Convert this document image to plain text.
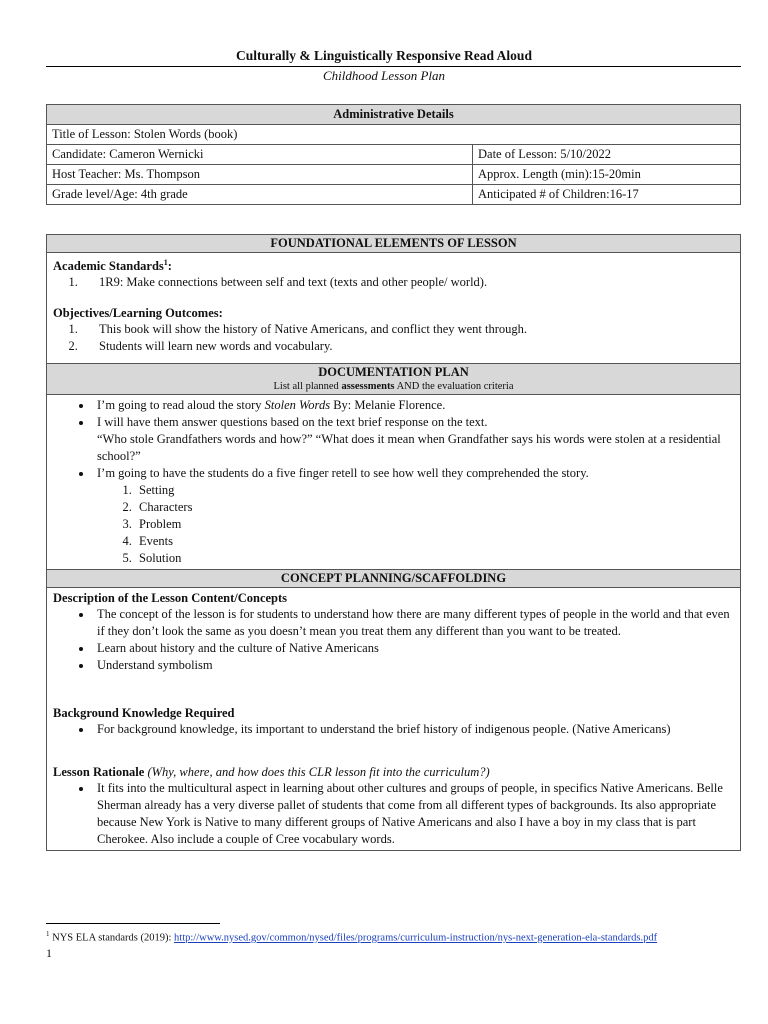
Culturally & Linguistically Responsive Read Aloud
Childhood Lesson Plan
Administrative Details	
Title of Lesson: Stolen Words (book)	
Candidate: Cameron Wernicki	Date of Lesson: 5/10/2022
Host Teacher: Ms. Thompson	Approx. Length (min):15-20min
Grade level/Age: 4th grade	Anticipated # of Children:16-17
FOUNDATIONAL ELEMENTS OF LESSON
Academic Standards$^1$:
1. 1R9: Make connections between self and text (texts and other people/ world).
Objectives/Learning Outcomes:
1. This book will show the history of Native Americans, and conflict they went through.
2. Students will learn new words and vocabulary.
DOCUMENTATION PLAN
List all planned assessments AND the evaluation criteria
• I’m going to read aloud the story Stolen Words By: Melanie Florence.
• I will have them answer questions based on the text brief response on the text.
“Who stole Grandfathers words and how?” “What does it mean when Grandfather says his words were stolen at a residential school?”
• I’m going to have the students do a five finger retell to see how well they comprehended the story.
1. Setting
2. Characters
3. Problem
4. Events
5. Solution
CONCEPT PLANNING/SCAFFOLDING
Description of the Lesson Content/Concepts
• The concept of the lesson is for students to understand how there are many different types of people in the world and that even if they don’t look the same as you doesn’t mean you treat them any different than you want to be treated.
• Learn about history and the culture of Native Americans
• Understand symbolism
Background Knowledge Required
• For background knowledge, its important to understand the brief history of indigenous people. (Native Americans)
Lesson Rationale (Why, where, and how does this CLR lesson fit into the curriculum?)
• It fits into the multicultural aspect in learning about other cultures and groups of people, in specifics Native Americans. Belle Sherman already has a very diverse pallet of students that come from all different types of backgrounds. Its also appropriate because New York is Native to many different groups of Native Americans and also I have a boy in my class that is part Cherokee. Also include a couple of Cree vocabulary words.
$^1$ NYS ELA standards (2019): http://www.nysed.gov/common/nysed/files/programs/curriculum-instruction/nys-next-generation-ela-standards.pdf
1
